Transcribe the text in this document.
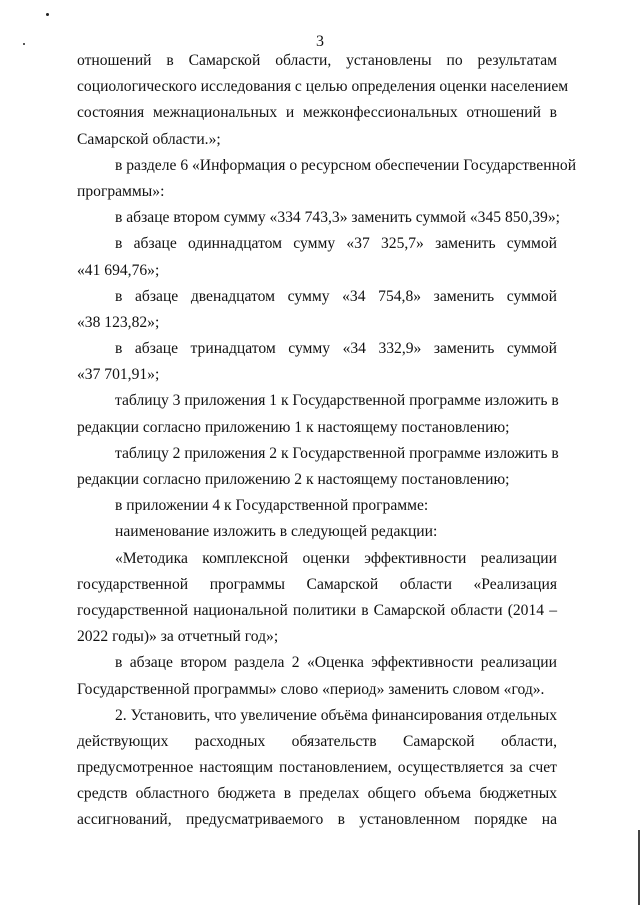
3
отношений в Самарской области, установлены по результатам
социологического исследования с целью определения оценки населением
состояния межнациональных и межконфессиональных отношений в
Самарской области.»;
в разделе 6 «Информация о ресурсном обеспечении Государственной
программы»:
в абзаце втором сумму «334 743,3» заменить суммой «345 850,39»;
в абзаце одиннадцатом сумму «37 325,7» заменить суммой
«41 694,76»;
в абзаце двенадцатом сумму «34 754,8» заменить суммой
«38 123,82»;
в абзаце тринадцатом сумму «34 332,9» заменить суммой
«37 701,91»;
таблицу 3 приложения 1 к Государственной программе изложить в
редакции согласно приложению 1 к настоящему постановлению;
таблицу 2 приложения 2 к Государственной программе изложить в
редакции согласно приложению 2 к настоящему постановлению;
в приложении 4 к Государственной программе:
наименование изложить в следующей редакции:
«Методика комплексной оценки эффективности реализации
государственной программы Самарской области «Реализация
государственной национальной политики в Самарской области (2014 –
2022 годы)» за отчетный год»;
в абзаце втором раздела 2 «Оценка эффективности реализации
Государственной программы» слово «период» заменить словом «год».
2. Установить, что увеличение объёма финансирования отдельных
действующих расходных обязательств Самарской области,
предусмотренное настоящим постановлением, осуществляется за счет
средств областного бюджета в пределах общего объема бюджетных
ассигнований, предусматриваемого в установленном порядке на
